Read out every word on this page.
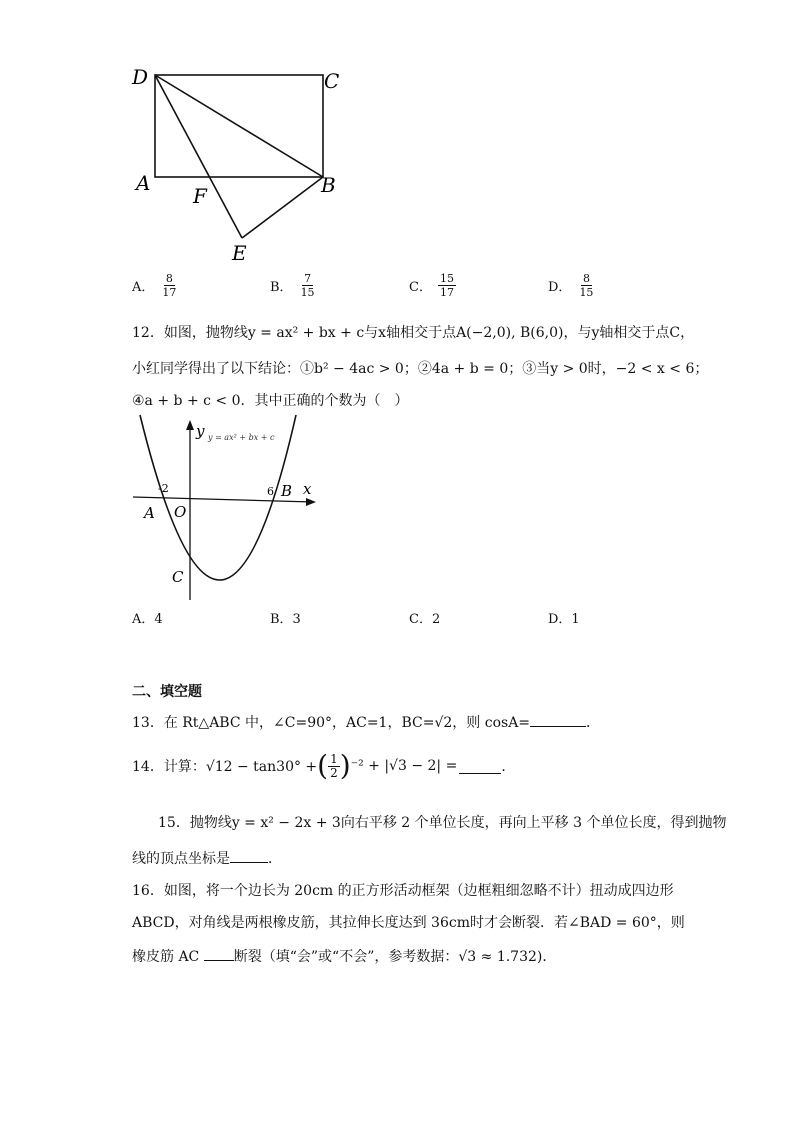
D	C
A	B
F
E
A． $\frac{8}{17}$	B． $\frac{7}{15}$	C． $\frac{15}{17}$	D． $\frac{8}{15}$
12．如图，抛物线y = ax² + bx + c与x轴相交于点A(−2,0), B(6,0)，与y轴相交于点C，
小红同学得出了以下结论：①b² − 4ac > 0；②4a + b = 0；③当y > 0时，−2 < x < 6；
④a + b + c < 0．其中正确的个数为（　）
y y = ax² + bx + c
x
-2	6 B
A O
C
A．4	B．3	C．2	D．1
二、填空题
13．在 Rt△ABC 中，∠C=90°，AC=1，BC=√2，则 cosA=	．
14．计算：√12 − tan30° + ( $\frac{1}{2}$ ) ⁻² + |√3 − 2| =	．
15．抛物线y = x² − 2x + 3向右平移 2 个单位长度，再向上平移 3 个单位长度，得到抛物
线的顶点坐标是	．
16．如图，将一个边长为 20cm 的正方形活动框架（边框粗细忽略不计）扭动成四边形
ABCD，对角线是两根橡皮筋，其拉伸长度达到 36cm时才会断裂．若∠BAD = 60°，则
橡皮筋 AC 断裂（填“会”或“不会”，参考数据：√3 ≈ 1.732)．
